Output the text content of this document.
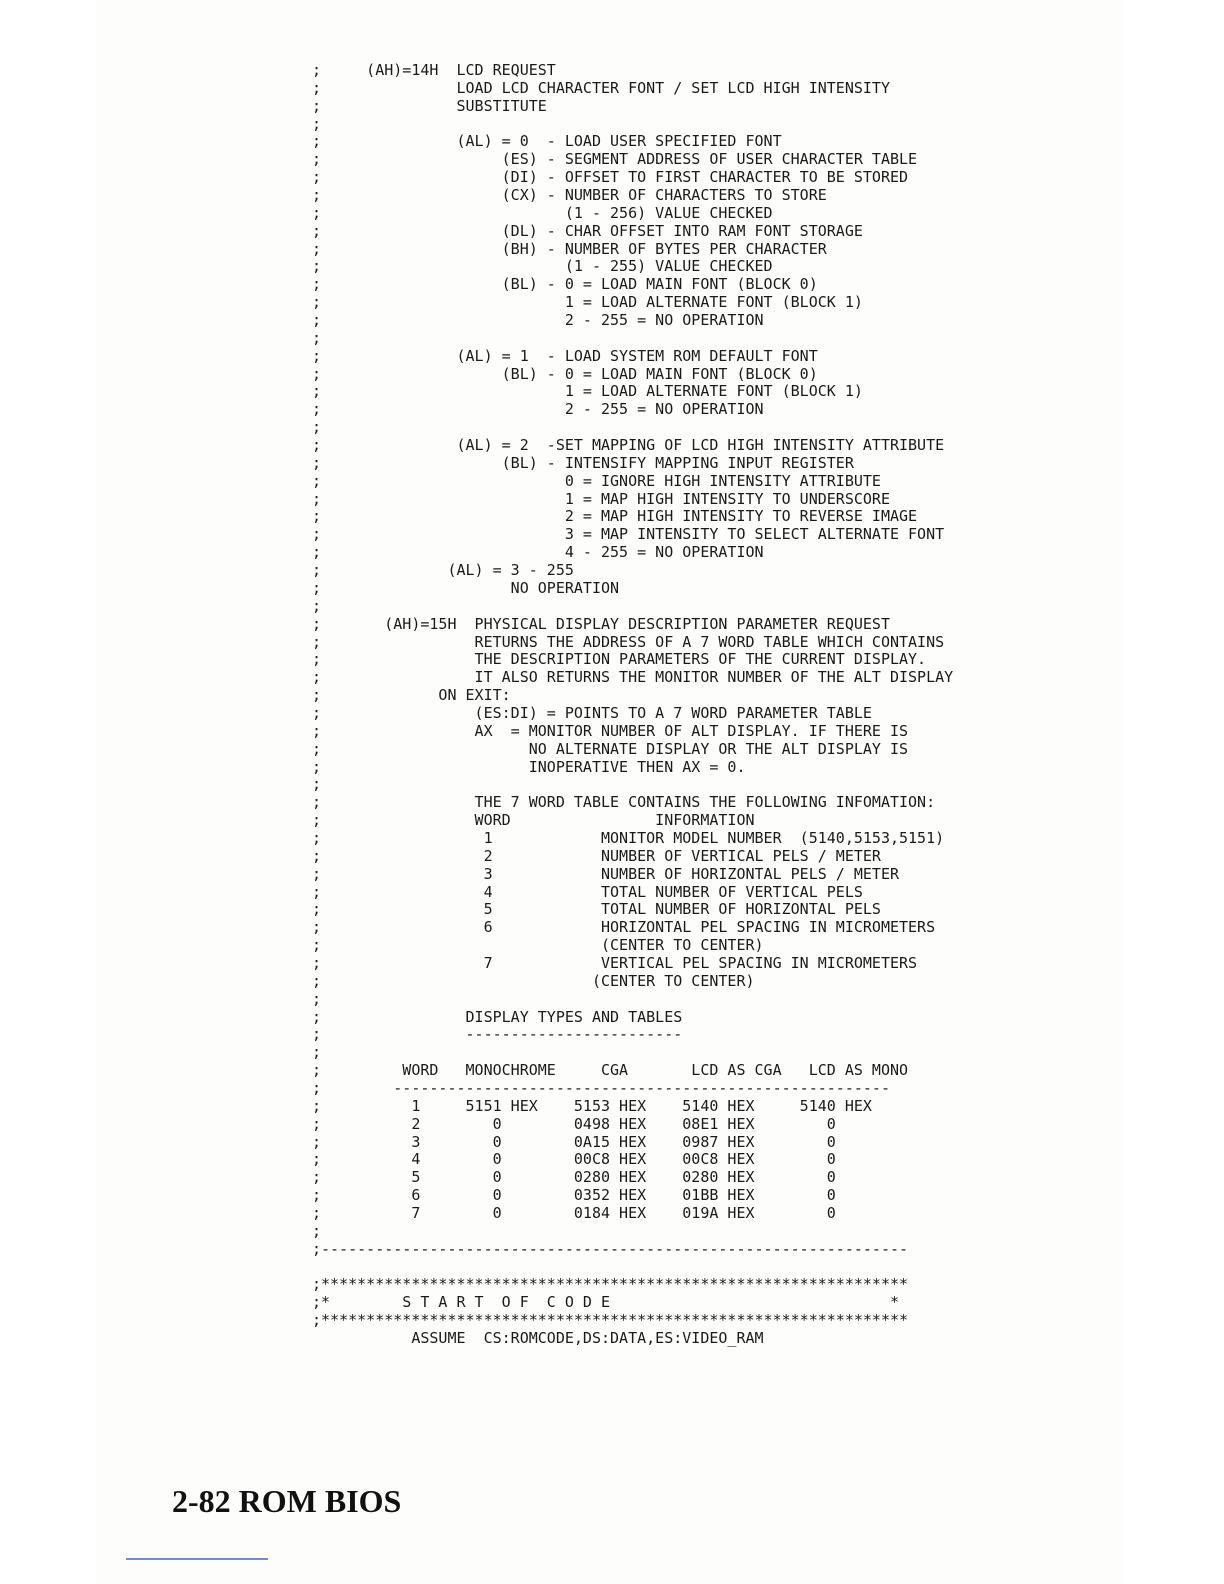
;     (AH)=14H  LCD REQUEST
;               LOAD LCD CHARACTER FONT / SET LCD HIGH INTENSITY
;               SUBSTITUTE
;
;               (AL) = 0  - LOAD USER SPECIFIED FONT
;                    (ES) - SEGMENT ADDRESS OF USER CHARACTER TABLE
;                    (DI) - OFFSET TO FIRST CHARACTER TO BE STORED
;                    (CX) - NUMBER OF CHARACTERS TO STORE
;                           (1 - 256) VALUE CHECKED
;                    (DL) - CHAR OFFSET INTO RAM FONT STORAGE
;                    (BH) - NUMBER OF BYTES PER CHARACTER
;                           (1 - 255) VALUE CHECKED
;                    (BL) - 0 = LOAD MAIN FONT (BLOCK 0)
;                           1 = LOAD ALTERNATE FONT (BLOCK 1)
;                           2 - 255 = NO OPERATION
;
;               (AL) = 1  - LOAD SYSTEM ROM DEFAULT FONT
;                    (BL) - 0 = LOAD MAIN FONT (BLOCK 0)
;                           1 = LOAD ALTERNATE FONT (BLOCK 1)
;                           2 - 255 = NO OPERATION
;
;               (AL) = 2  -SET MAPPING OF LCD HIGH INTENSITY ATTRIBUTE
;                    (BL) - INTENSIFY MAPPING INPUT REGISTER
;                           0 = IGNORE HIGH INTENSITY ATTRIBUTE
;                           1 = MAP HIGH INTENSITY TO UNDERSCORE
;                           2 = MAP HIGH INTENSITY TO REVERSE IMAGE
;                           3 = MAP INTENSITY TO SELECT ALTERNATE FONT
;                           4 - 255 = NO OPERATION
;              (AL) = 3 - 255
;                     NO OPERATION
;
;       (AH)=15H  PHYSICAL DISPLAY DESCRIPTION PARAMETER REQUEST
;                 RETURNS THE ADDRESS OF A 7 WORD TABLE WHICH CONTAINS
;                 THE DESCRIPTION PARAMETERS OF THE CURRENT DISPLAY.
;                 IT ALSO RETURNS THE MONITOR NUMBER OF THE ALT DISPLAY
;             ON EXIT:
;                 (ES:DI) = POINTS TO A 7 WORD PARAMETER TABLE
;                 AX  = MONITOR NUMBER OF ALT DISPLAY. IF THERE IS
;                       NO ALTERNATE DISPLAY OR THE ALT DISPLAY IS
;                       INOPERATIVE THEN AX = 0.
;
;                 THE 7 WORD TABLE CONTAINS THE FOLLOWING INFOMATION:
;                 WORD                INFORMATION
;                  1            MONITOR MODEL NUMBER  (5140,5153,5151)
;                  2            NUMBER OF VERTICAL PELS / METER
;                  3            NUMBER OF HORIZONTAL PELS / METER
;                  4            TOTAL NUMBER OF VERTICAL PELS
;                  5            TOTAL NUMBER OF HORIZONTAL PELS
;                  6            HORIZONTAL PEL SPACING IN MICROMETERS
;                               (CENTER TO CENTER)
;                  7            VERTICAL PEL SPACING IN MICROMETERS
;                              (CENTER TO CENTER)
;
;                DISPLAY TYPES AND TABLES
;                ------------------------
;
;         WORD   MONOCHROME     CGA       LCD AS CGA   LCD AS MONO
;        -------------------------------------------------------
;          1     5151 HEX    5153 HEX    5140 HEX     5140 HEX
;          2        0        0498 HEX    08E1 HEX        0
;          3        0        0A15 HEX    0987 HEX        0
;          4        0        00C8 HEX    00C8 HEX        0
;          5        0        0280 HEX    0280 HEX        0
;          6        0        0352 HEX    01BB HEX        0
;          7        0        0184 HEX    019A HEX        0
;
;-----------------------------------------------------------------
;*****************************************************************
;*        S T A R T  O F  C O D E                               *
;*****************************************************************
ASSUME  CS:ROMCODE,DS:DATA,ES:VIDEO_RAM
2-82 ROM BIOS
